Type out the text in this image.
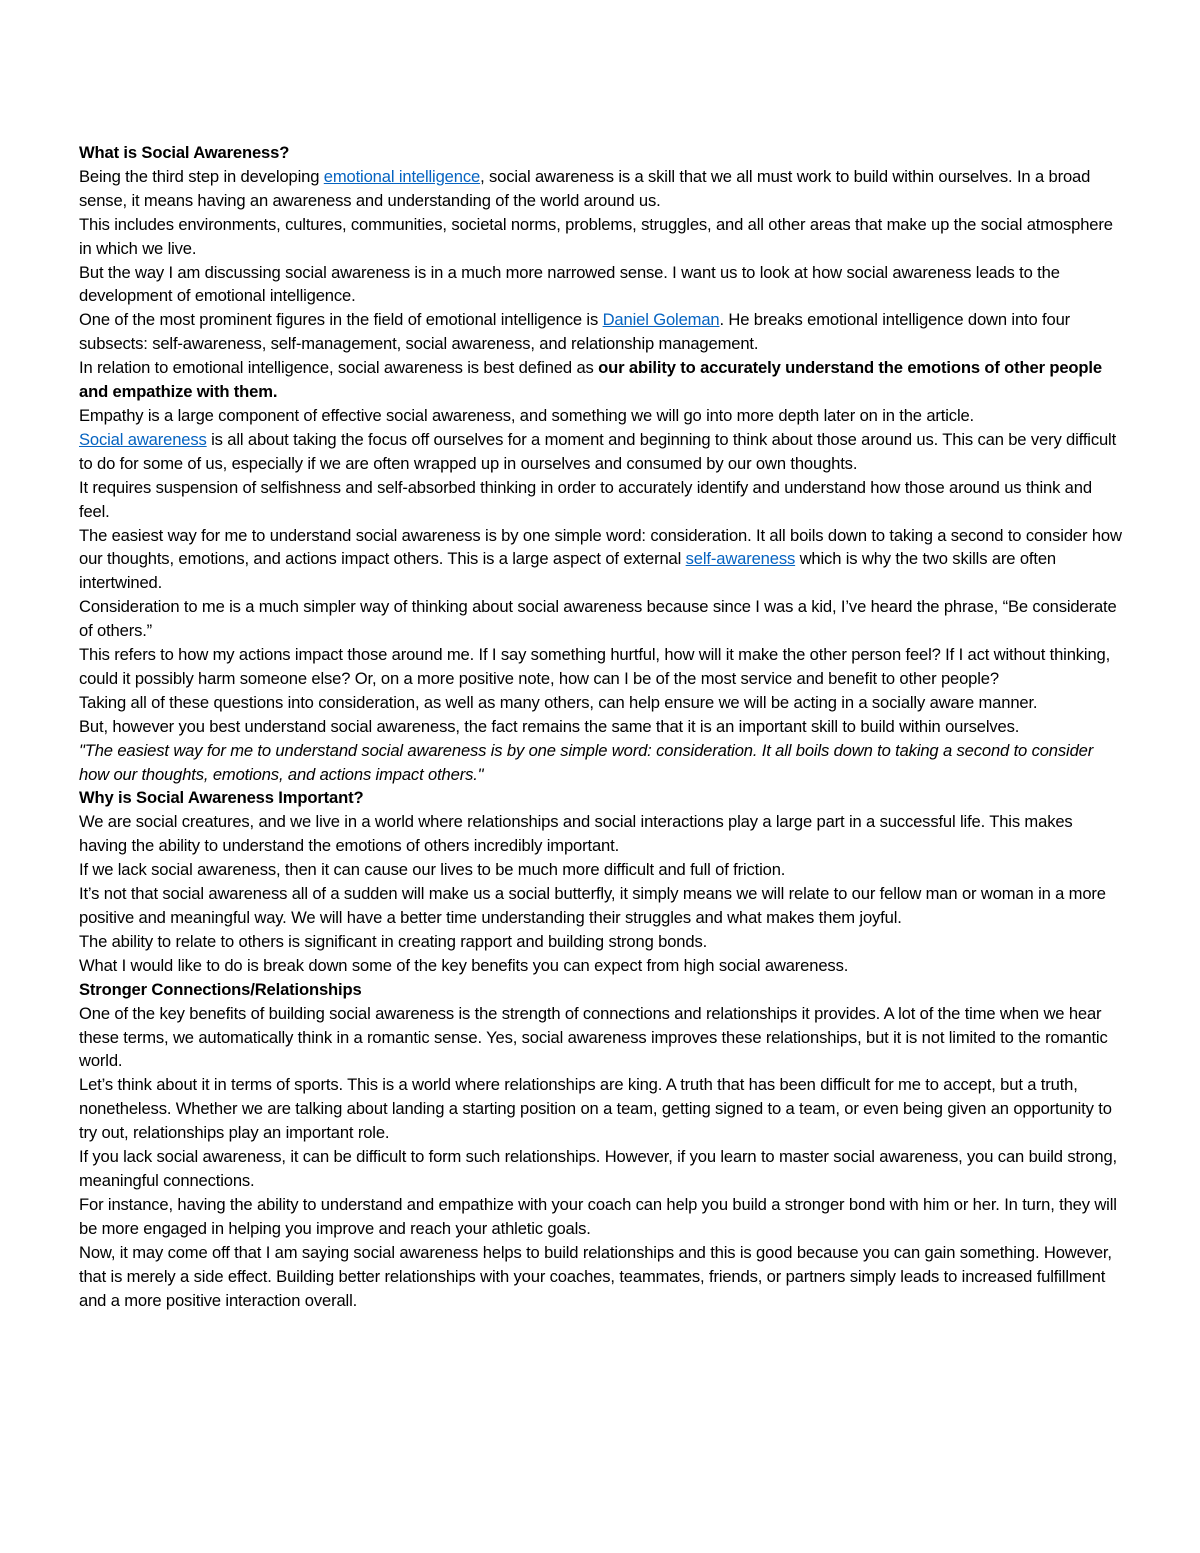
What is Social Awareness?

Being the third step in developing emotional intelligence, social awareness is a skill that we all must work to build within ourselves. In a broad sense, it means having an awareness and understanding of the world around us.

This includes environments, cultures, communities, societal norms, problems, struggles, and all other areas that make up the social atmosphere in which we live.

But the way I am discussing social awareness is in a much more narrowed sense. I want us to look at how social awareness leads to the development of emotional intelligence.

One of the most prominent figures in the field of emotional intelligence is Daniel Goleman. He breaks emotional intelligence down into four subsects: self-awareness, self-management, social awareness, and relationship management.

In relation to emotional intelligence, social awareness is best defined as our ability to accurately understand the emotions of other people and empathize with them.

Empathy is a large component of effective social awareness, and something we will go into more depth later on in the article.

Social awareness is all about taking the focus off ourselves for a moment and beginning to think about those around us. This can be very difficult to do for some of us, especially if we are often wrapped up in ourselves and consumed by our own thoughts.

It requires suspension of selfishness and self-absorbed thinking in order to accurately identify and understand how those around us think and feel.

The easiest way for me to understand social awareness is by one simple word: consideration. It all boils down to taking a second to consider how our thoughts, emotions, and actions impact others. This is a large aspect of external self-awareness which is why the two skills are often intertwined.

Consideration to me is a much simpler way of thinking about social awareness because since I was a kid, I’ve heard the phrase, “Be considerate of others.”

This refers to how my actions impact those around me. If I say something hurtful, how will it make the other person feel? If I act without thinking, could it possibly harm someone else? Or, on a more positive note, how can I be of the most service and benefit to other people?

Taking all of these questions into consideration, as well as many others, can help ensure we will be acting in a socially aware manner.

But, however you best understand social awareness, the fact remains the same that it is an important skill to build within ourselves.

"The easiest way for me to understand social awareness is by one simple word: consideration. It all boils down to taking a second to consider how our thoughts, emotions, and actions impact others."

Why is Social Awareness Important?

We are social creatures, and we live in a world where relationships and social interactions play a large part in a successful life. This makes having the ability to understand the emotions of others incredibly important.

If we lack social awareness, then it can cause our lives to be much more difficult and full of friction.

It’s not that social awareness all of a sudden will make us a social butterfly, it simply means we will relate to our fellow man or woman in a more positive and meaningful way. We will have a better time understanding their struggles and what makes them joyful.

The ability to relate to others is significant in creating rapport and building strong bonds.

What I would like to do is break down some of the key benefits you can expect from high social awareness.

Stronger Connections/Relationships

One of the key benefits of building social awareness is the strength of connections and relationships it provides. A lot of the time when we hear these terms, we automatically think in a romantic sense. Yes, social awareness improves these relationships, but it is not limited to the romantic world.

Let’s think about it in terms of sports. This is a world where relationships are king. A truth that has been difficult for me to accept, but a truth, nonetheless. Whether we are talking about landing a starting position on a team, getting signed to a team, or even being given an opportunity to try out, relationships play an important role.

If you lack social awareness, it can be difficult to form such relationships. However, if you learn to master social awareness, you can build strong, meaningful connections.

For instance, having the ability to understand and empathize with your coach can help you build a stronger bond with him or her. In turn, they will be more engaged in helping you improve and reach your athletic goals.

Now, it may come off that I am saying social awareness helps to build relationships and this is good because you can gain something. However, that is merely a side effect. Building better relationships with your coaches, teammates, friends, or partners simply leads to increased fulfillment and a more positive interaction overall.
